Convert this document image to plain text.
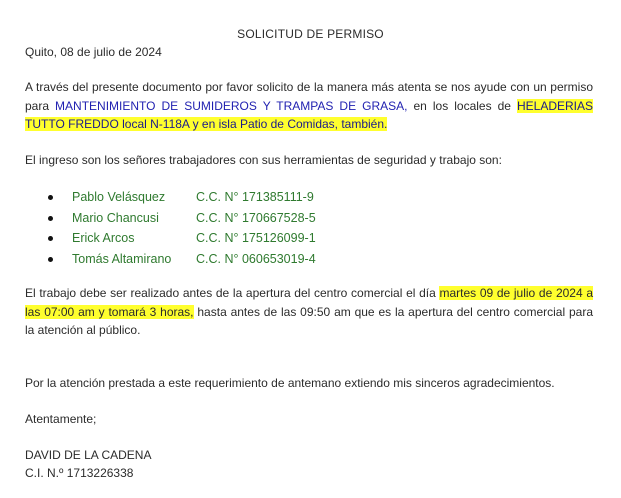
SOLICITUD DE PERMISO
Quito, 08 de julio de 2024
A través del presente documento por favor solicito de la manera más atenta se nos ayude con un permiso para MANTENIMIENTO DE SUMIDEROS Y TRAMPAS DE GRASA, en los locales de HELADERIAS TUTTO FREDDO local N-118A y en isla Patio de Comidas, también.
El ingreso son los señores trabajadores con sus herramientas de seguridad y trabajo son:
Pablo Velásquez C.C. N° 171385111-9
Mario Chancusi	C.C. N° 170667528-5
Erick Arcos	C.C. N° 175126099-1
Tomás Altamirano C.C. N° 060653019-4
El trabajo debe ser realizado antes de la apertura del centro comercial el día martes 09 de julio de 2024 a las 07:00 am y tomará 3 horas, hasta antes de las 09:50 am que es la apertura del centro comercial para la atención al público.
Por la atención prestada a este requerimiento de antemano extiendo mis sinceros agradecimientos.
Atentamente;
DAVID DE LA CADENA
C.I. N.º 1713226338
